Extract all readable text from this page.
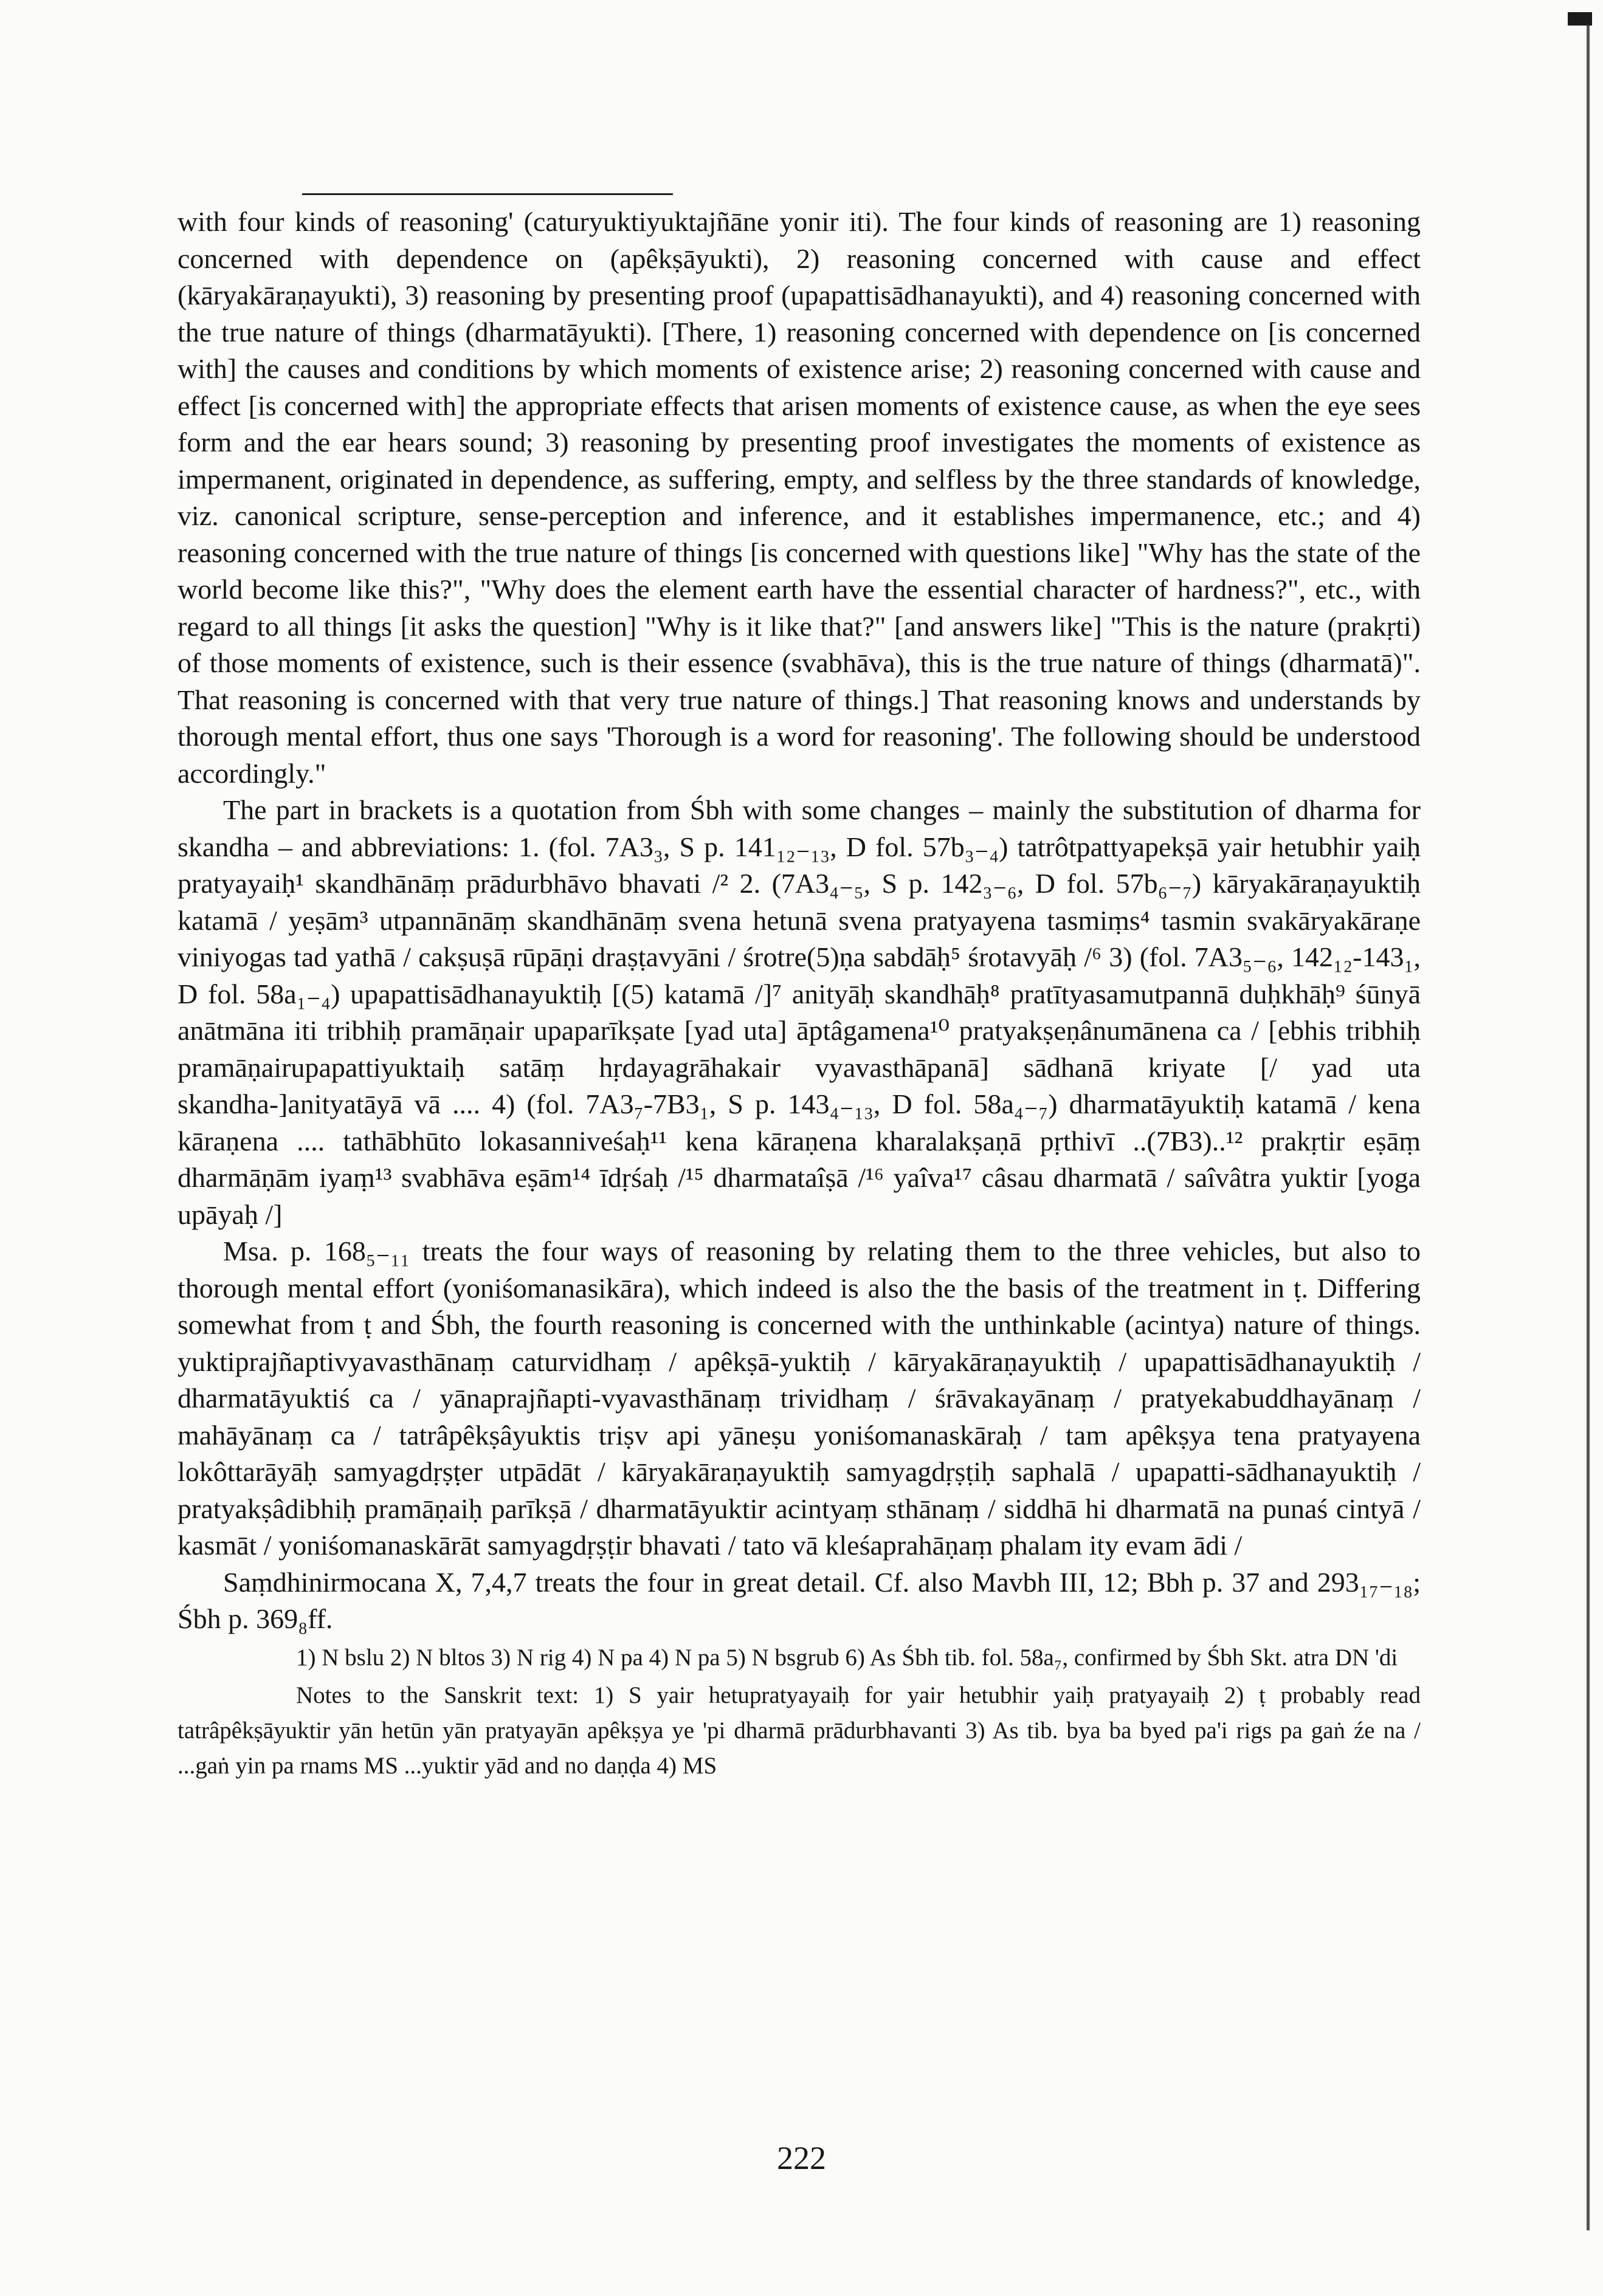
with four kinds of reasoning' (caturyuktiyuktajñāne yonir iti). The four kinds of reasoning are 1) reasoning concerned with dependence on (apêkṣāyukti), 2) reasoning concerned with cause and effect (kāryakāraṇayukti), 3) reasoning by presenting proof (upapattisādhanayukti), and 4) reasoning concerned with the true nature of things (dharmatāyukti). [There, 1) reasoning concerned with dependence on [is concerned with] the causes and conditions by which moments of existence arise; 2) reasoning concerned with cause and effect [is concerned with] the appropriate effects that arisen moments of existence cause, as when the eye sees form and the ear hears sound; 3) reasoning by presenting proof investigates the moments of existence as impermanent, originated in dependence, as suffering, empty, and selfless by the three standards of knowledge, viz. canonical scripture, sense-perception and inference, and it establishes impermanence, etc.; and 4) reasoning concerned with the true nature of things [is concerned with questions like] "Why has the state of the world become like this?", "Why does the element earth have the essential character of hardness?", etc., with regard to all things [it asks the question] "Why is it like that?" [and answers like] "This is the nature (prakṛti) of those moments of existence, such is their essence (svabhāva), this is the true nature of things (dharmatā)". That reasoning is concerned with that very true nature of things.] That reasoning knows and understands by thorough mental effort, thus one says 'Thorough is a word for reasoning'. The following should be understood accordingly."

The part in brackets is a quotation from Śbh with some changes – mainly the substitution of dharma for skandha – and abbreviations: 1. (fol. 7A3₃, S p. 141₁₂₋₁₃, D fol. 57b₃₋₄) tatrôtpattyapekṣā yair hetubhir yaiḥ pratyayaiḥ¹ skandhānāṃ prādurbhāvo bhavati /² 2. (7A3₄₋₅, S p. 142₃₋₆, D fol. 57b₆₋₇) kāryakāraṇayuktiḥ katamā / yeṣām³ utpannānāṃ skandhānāṃ svena hetunā svena pratyayena tasmiṃs⁴ tasmin svakāryakāraṇe viniyogas tad yathā / cakṣuṣā rūpāṇi draṣṭavyāni / śrotre(5)ṇa sabdāḥ⁵ śrotavyāḥ /⁶ 3) (fol. 7A3₅₋₆, 142₁₂-143₁, D fol. 58a₁₋₄) upapattisādhanayuktiḥ [(5) katamā /]⁷ anityāḥ skandhāḥ⁸ pratītyasamutpannā duḥkhāḥ⁹ śūnyā anātmāna iti tribhiḥ pramāṇair upaparīkṣate [yad uta] āptâgamena¹⁰ pratyakṣeṇânumānena ca / [ebhis tribhiḥ pramāṇairupapattiyuktaiḥ satāṃ hṛdayagrāhakair vyavasthāpanā] sādhanā kriyate [/ yad uta skandha-]anityatāyā vā .... 4) (fol. 7A3₇-7B3₁, S p. 143₄₋₁₃, D fol. 58a₄₋₇) dharmatāyuktiḥ katamā / kena kāraṇena .... tathābhūto lokasanniveśaḥ¹¹ kena kāraṇena kharalakṣaṇā pṛthivī ..(7B3)..¹² prakṛtir eṣāṃ dharmāṇām iyaṃ¹³ svabhāva eṣām¹⁴ īdṛśaḥ /¹⁵ dharmataîṣā /¹⁶ yaîva¹⁷ câsau dharmatā / saîvâtra yuktir [yoga upāyaḥ /]

Msa. p. 168₅₋₁₁ treats the four ways of reasoning by relating them to the three vehicles, but also to thorough mental effort (yoniśomanasikāra), which indeed is also the the basis of the treatment in ṭ. Differing somewhat from ṭ and Śbh, the fourth reasoning is concerned with the unthinkable (acintya) nature of things. yuktiprajñaptivyavasthānaṃ caturvidhaṃ / apêkṣā-yuktiḥ / kāryakāraṇayuktiḥ / upapattisādhanayuktiḥ / dharmatāyuktiś ca / yānaprajñapti-vyavasthānaṃ trividhaṃ / śrāvakayānaṃ / pratyekabuddhayānaṃ / mahāyānaṃ ca / tatrâpêkṣâyuktis triṣv api yāneṣu yoniśomanaskāraḥ / tam apêkṣya tena pratyayena lokôttarāyāḥ samyagdṛṣṭer utpādāt / kāryakāraṇayuktiḥ samyagdṛṣṭiḥ saphalā / upapatti-sādhanayuktiḥ / pratyakṣâdibhiḥ pramāṇaiḥ parīkṣā / dharmatāyuktir acintyaṃ sthānaṃ / siddhā hi dharmatā na punaś cintyā / kasmāt / yoniśomanaskārāt samyagdṛṣṭir bhavati / tato vā kleśaprahāṇaṃ phalam ity evam ādi /

Saṃdhinirmocana X, 7,4,7 treats the four in great detail. Cf. also Mavbh III, 12; Bbh p. 37 and 293₁₇₋₁₈; Śbh p. 369₈ff.

1) N bslu 2) N bltos 3) N rig 4) N pa 4) N pa 5) N bsgrub 6) As Śbh tib. fol. 58a₇, confirmed by Śbh Skt. atra DN 'di

Notes to the Sanskrit text: 1) S yair hetupratyayaiḥ for yair hetubhir yaiḥ pratyayaiḥ 2) ṭ probably read tatrâpêkṣāyuktir yān hetūn yān pratyayān apêkṣya ye 'pi dharmā prādurbhavanti 3) As tib. bya ba byed pa'i rigs pa gaṅ źe na / ...gaṅ yin pa rnams MS ...yuktir yād and no daṇḍa 4) MS

222
